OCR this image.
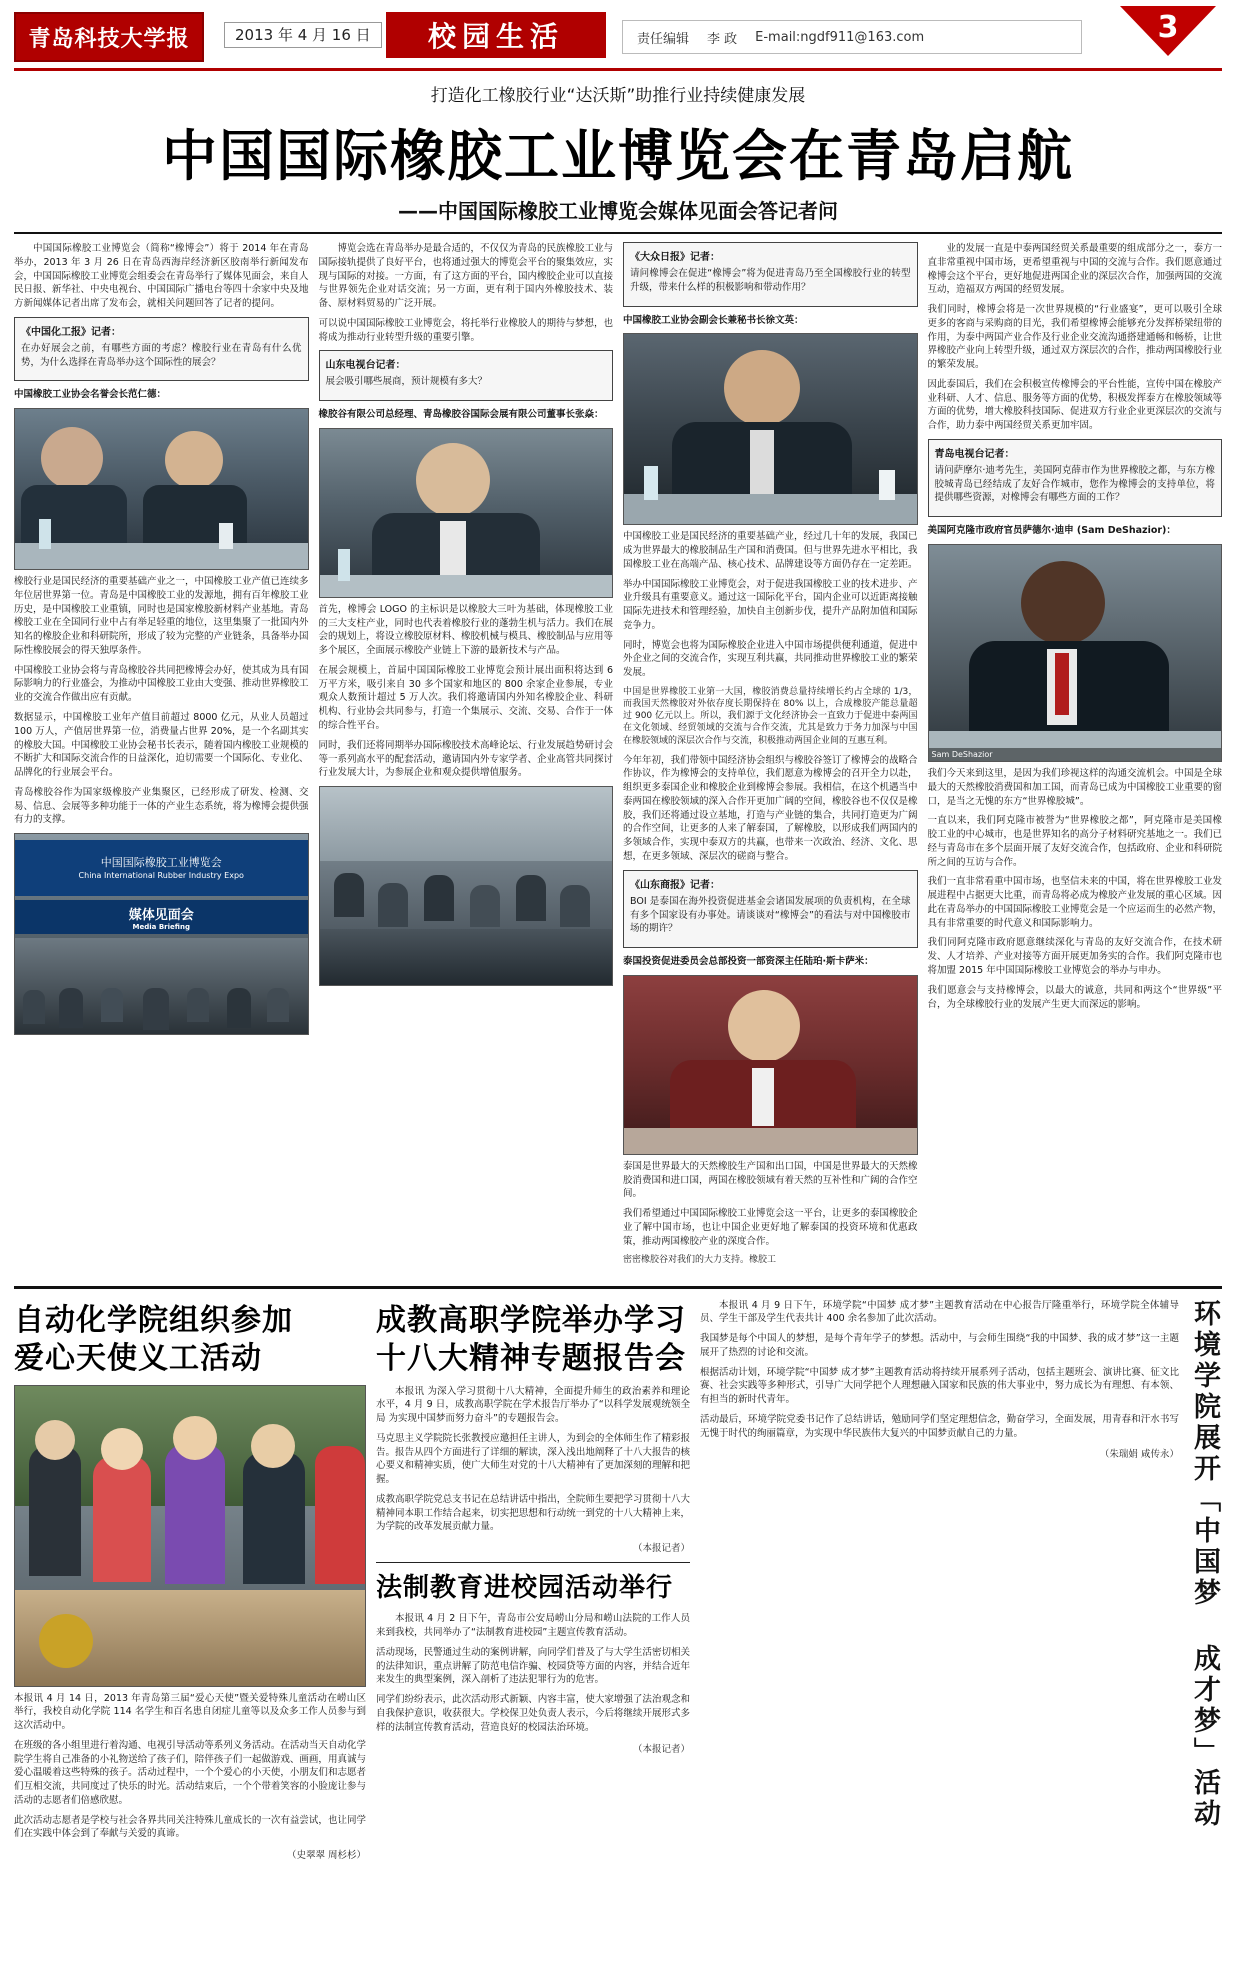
青岛科技大学报	2013 年 4 月 16 日	校园生活	责任编辑 李 政 E-mail:ngdf911@163.com	3
打造化工橡胶行业“达沃斯”助推行业持续健康发展
中国国际橡胶工业博览会在青岛启航
——中国国际橡胶工业博览会媒体见面会答记者问

中国国际橡胶工业博览会（简称“橡博会”）将于 2014 年在青岛举办，2013 年 3 月 26 日在青岛西海岸经济新区胶南举行新闻发布会，中国国际橡胶工业博览会组委会在青岛举行了媒体见面会，来自人民日报、新华社、中央电视台、中国国际广播电台等四十余家中央及地方新闻媒体记者出席了发布会，就相关问题回答了记者的提问。

《中国化工报》记者：

在办好展会之前，有哪些方面的考虑？橡胶行业在青岛有什么优势，为什么选择在青岛举办这个国际性的展会？

中国橡胶工业协会名誉会长范仁德：

橡胶行业是国民经济的重要基础产业之一，中国橡胶工业产值已连续多年位居世界第一位。青岛是中国橡胶工业的发源地，拥有百年橡胶工业历史，是中国橡胶工业重镇，同时也是国家橡胶新材料产业基地。青岛橡胶工业在全国同行业中占有举足轻重的地位，这里集聚了一批国内外知名的橡胶企业和科研院所，形成了较为完整的产业链条，具备举办国际性橡胶展会的得天独厚条件。

中国橡胶工业协会将与青岛橡胶谷共同把橡博会办好，使其成为具有国际影响力的行业盛会，为推动中国橡胶工业由大变强、推动世界橡胶工业的交流合作做出应有贡献。

数据显示，中国橡胶工业年产值目前超过 8000 亿元，从业人员超过 100 万人，产值居世界第一位，消费量占世界 20%，是一个名副其实的橡胶大国。中国橡胶工业协会秘书长表示，随着国内橡胶工业规模的不断扩大和国际交流合作的日益深化，迫切需要一个国际化、专业化、品牌化的行业展会平台。

青岛橡胶谷作为国家级橡胶产业集聚区，已经形成了研发、检测、交易、信息、会展等多种功能于一体的产业生态系统，将为橡博会提供强有力的支撑。

中国国际橡胶工业博览会
China International Rubber Industry Expo
媒体见面会
Media Briefing

博览会选在青岛举办是最合适的，不仅仅为青岛的民族橡胶工业与国际接轨提供了良好平台，也将通过强大的博览会平台的聚集效应，实现与国际的对接。一方面，有了这方面的平台，国内橡胶企业可以直接与世界领先企业对话交流；另一方面，更有利于国内外橡胶技术、装备、原材料贸易的广泛开展。

可以说中国国际橡胶工业博览会，将托举行业橡胶人的期待与梦想，也将成为推动行业转型升级的重要引擎。

山东电视台记者：

展会吸引哪些展商，预计规模有多大？

橡胶谷有限公司总经理、青岛橡胶谷国际会展有限公司董事长张焱：

首先，橡博会 LOGO 的主标识是以橡胶大三叶为基础，体现橡胶工业的三大支柱产业，同时也代表着橡胶行业的蓬勃生机与活力。我们在展会的规划上，将设立橡胶原材料、橡胶机械与模具、橡胶制品与应用等多个展区，全面展示橡胶产业链上下游的最新技术与产品。

在展会规模上，首届中国国际橡胶工业博览会预计展出面积将达到 6 万平方米，吸引来自 30 多个国家和地区的 800 余家企业参展，专业观众人数预计超过 5 万人次。我们将邀请国内外知名橡胶企业、科研机构、行业协会共同参与，打造一个集展示、交流、交易、合作于一体的综合性平台。

同时，我们还将同期举办国际橡胶技术高峰论坛、行业发展趋势研讨会等一系列高水平的配套活动，邀请国内外专家学者、企业高管共同探讨行业发展大计，为参展企业和观众提供增值服务。

《大众日报》记者：

请问橡博会在促进“橡博会”将为促进青岛乃至全国橡胶行业的转型升级，带来什么样的积极影响和带动作用？

中国橡胶工业协会副会长兼秘书长徐文英：

中国橡胶工业是国民经济的重要基础产业，经过几十年的发展，我国已成为世界最大的橡胶制品生产国和消费国。但与世界先进水平相比，我国橡胶工业在高端产品、核心技术、品牌建设等方面仍存在一定差距。

举办中国国际橡胶工业博览会，对于促进我国橡胶工业的技术进步、产业升级具有重要意义。通过这一国际化平台，国内企业可以近距离接触国际先进技术和管理经验，加快自主创新步伐，提升产品附加值和国际竞争力。

同时，博览会也将为国际橡胶企业进入中国市场提供便利通道，促进中外企业之间的交流合作，实现互利共赢，共同推动世界橡胶工业的繁荣发展。

中国是世界橡胶工业第一大国，橡胶消费总量持续增长约占全球的 1/3，而我国天然橡胶对外依存度长期保持在 80% 以上，合成橡胶产能总量超过 900 亿元以上。所以，我们源于文化经济协会一直致力于促进中泰两国在文化领域、经贸领域的交流与合作交流，尤其是致力于务力加深与中国在橡胶领域的深层次合作与交流，积极推动两国企业间的互惠互利。

今年年初，我们带领中国经济协会组织与橡胶谷签订了橡博会的战略合作协议，作为橡博会的支持单位，我们愿意为橡博会的召开全力以赴，组织更多泰国企业和橡胶企业到橡博会参展。我相信，在这个机遇当中泰两国在橡胶领域的深入合作开更加广阔的空间，橡胶谷也不仅仅是橡胶，我们还将通过设立基地，打造与产业链的集合，共同打造更为广阔的合作空间，让更多的人来了解泰国，了解橡胶，以形成我们两国内的多领域合作，实现中泰双方的共赢，也带来一次政治、经济、文化、思想，在更多领域、深层次的磋商与整合。

《山东商报》记者：

BOI 是泰国在海外投资促进基金会诸国发展项的负责机构，在全球有多个国家设有办事处。请谈谈对“橡博会”的看法与对中国橡胶市场的期许？

泰国投资促进委员会总部投资一部资深主任陆珀·斯卡萨米：

泰国是世界最大的天然橡胶生产国和出口国，中国是世界最大的天然橡胶消费国和进口国，两国在橡胶领域有着天然的互补性和广阔的合作空间。

我们希望通过中国国际橡胶工业博览会这一平台，让更多的泰国橡胶企业了解中国市场，也让中国企业更好地了解泰国的投资环境和优惠政策，推动两国橡胶产业的深度合作。

密密橡胶谷对我们的大力支持。橡胶工

业的发展一直是中泰两国经贸关系最重要的组成部分之一，泰方一直非常重视中国市场，更希望重视与中国的交流与合作。我们愿意通过橡博会这个平台，更好地促进两国企业的深层次合作，加强两国的交流互动，造福双方两国的经贸发展。

我们同时，橡博会将是一次世界规模的“行业盛宴”，更可以吸引全球更多的客商与采购商的目光，我们希望橡博会能够充分发挥桥梁纽带的作用，为泰中两国产业合作及行业企业交流沟通搭建通畅和畅桥，让世界橡胶产业向上转型升级，通过双方深层次的合作，推动两国橡胶行业的繁荣发展。

因此泰国后，我们在会积极宣传橡博会的平台性能，宣传中国在橡胶产业科研、人才、信息、服务等方面的优势，积极发挥泰方在橡胶领域等方面的优势，增大橡胶科技国际、促进双方行业企业更深层次的交流与合作，助力泰中两国经贸关系更加牢固。

青岛电视台记者：

请问萨摩尔·迪考先生，美国阿克薛市作为世界橡胶之都，与东方橡胶城青岛已经结成了友好合作城市，您作为橡博会的支持单位，将提供哪些资源，对橡博会有哪些方面的工作？

美国阿克隆市政府官员萨德尔·迪申 (Sam DeShazior)：

Sam DeShazior

我们今天来到这里，是因为我们珍视这样的沟通交流机会。中国是全球最大的天然橡胶消费国和加工国，而青岛已成为中国橡胶工业重要的窗口，是当之无愧的东方“世界橡胶城”。

一直以来，我们阿克隆市被誉为“世界橡胶之都”，阿克隆市是美国橡胶工业的中心城市，也是世界知名的高分子材料研究基地之一。我们已经与青岛市在多个层面开展了友好交流合作，包括政府、企业和科研院所之间的互访与合作。

我们一直非常看重中国市场，也坚信未来的中国，将在世界橡胶工业发展进程中占据更大比重，而青岛将必成为橡胶产业发展的重心区域。因此在青岛举办的中国国际橡胶工业博览会是一个应运而生的必然产物，具有非常重要的时代意义和国际影响力。

我们同阿克隆市政府愿意继续深化与青岛的友好交流合作，在技术研发、人才培养、产业对接等方面开展更加务实的合作。我们阿克隆市也将加盟 2015 年中国国际橡胶工业博览会的举办与申办。

我们愿意会与支持橡博会，以最大的诚意，共同和两这个“世界级”平台，为全球橡胶行业的发展产生更大而深远的影响。

自动化学院组织参加
爱心天使义工活动

本报讯 4 月 14 日，2013 年青岛第三届“爱心天使”暨关爱特殊儿童活动在崂山区举行，我校自动化学院 114 名学生和百名患自闭症儿童等以及众多工作人员参与到这次活动中。

在班级的各小组里进行着沟通、电视引导活动等系列义务活动。在活动当天自动化学院学生将自己准备的小礼物送给了孩子们，陪伴孩子们一起做游戏、画画，用真诚与爱心温暖着这些特殊的孩子。活动过程中，一个个爱心的小天使，小朋友们和志愿者们互相交流，共同度过了快乐的时光。活动结束后，一个个带着笑容的小脸庞让参与活动的志愿者们倍感欣慰。

此次活动志愿者是学校与社会各界共同关注特殊儿童成长的一次有益尝试，也让同学们在实践中体会到了奉献与关爱的真谛。

（史翠翠 周杉杉）
成教高职学院举办学习
十八大精神专题报告会

本报讯 为深入学习贯彻十八大精神，全面提升师生的政治素养和理论水平，4 月 9 日，成教高职学院在学术报告厅举办了“以科学发展观统领全局 为实现中国梦而努力奋斗”的专题报告会。

马克思主义学院院长张教授应邀担任主讲人，为到会的全体师生作了精彩报告。报告从四个方面进行了详细的解读，深入浅出地阐释了十八大报告的核心要义和精神实质，使广大师生对党的十八大精神有了更加深刻的理解和把握。

成教高职学院党总支书记在总结讲话中指出，全院师生要把学习贯彻十八大精神同本职工作结合起来，切实把思想和行动统一到党的十八大精神上来，为学院的改革发展贡献力量。

（本报记者）
法制教育进校园活动举行

本报讯 4 月 2 日下午，青岛市公安局崂山分局和崂山法院的工作人员来到我校，共同举办了“法制教育进校园”主题宣传教育活动。

活动现场，民警通过生动的案例讲解，向同学们普及了与大学生活密切相关的法律知识，重点讲解了防范电信诈骗、校园贷等方面的内容，并结合近年来发生的典型案例，深入剖析了违法犯罪行为的危害。

同学们纷纷表示，此次活动形式新颖、内容丰富，使大家增强了法治观念和自我保护意识，收获很大。学校保卫处负责人表示，今后将继续开展形式多样的法制宣传教育活动，营造良好的校园法治环境。

（本报记者）

本报讯 4 月 9 日下午，环境学院“中国梦 成才梦”主题教育活动在中心报告厅隆重举行，环境学院全体辅导员、学生干部及学生代表共计 400 余名参加了此次活动。

我国梦是每个中国人的梦想，是每个青年学子的梦想。活动中，与会师生围绕“我的中国梦、我的成才梦”这一主题展开了热烈的讨论和交流。

根据活动计划，环境学院“中国梦 成才梦”主题教育活动将持续开展系列子活动，包括主题班会、演讲比赛、征文比赛、社会实践等多种形式，引导广大同学把个人理想融入国家和民族的伟大事业中，努力成长为有理想、有本领、有担当的新时代青年。

活动最后，环境学院党委书记作了总结讲话，勉励同学们坚定理想信念，勤奋学习，全面发展，用青春和汗水书写无愧于时代的绚丽篇章，为实现中华民族伟大复兴的中国梦贡献自己的力量。

（朱瑞娟 咸传永） 环境学院展开「中国梦 成才梦」活动
